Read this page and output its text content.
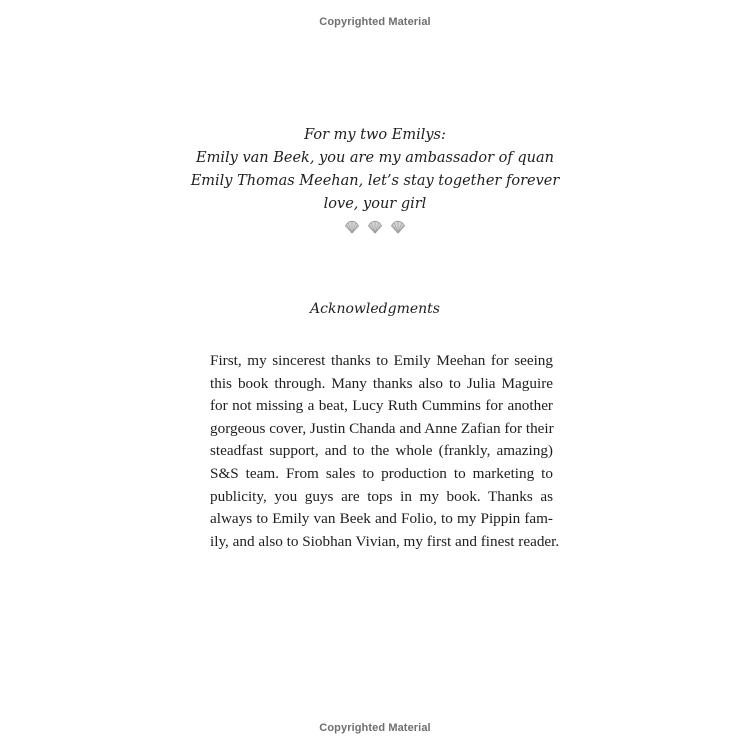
Copyrighted Material
For my two Emilys:
Emily van Beek, you are my ambassador of quan
Emily Thomas Meehan, let’s stay together forever
love, your girl
Acknowledgments
First, my sincerest thanks to Emily Meehan for seeing
this book through. Many thanks also to Julia Maguire
for not missing a beat, Lucy Ruth Cummins for another
gorgeous cover, Justin Chanda and Anne Zafian for their
steadfast support, and to the whole (frankly, amazing)
S&S team. From sales to production to marketing to
publicity, you guys are tops in my book. Thanks as
always to Emily van Beek and Folio, to my Pippin fam-
ily, and also to Siobhan Vivian, my first and finest reader.
Copyrighted Material
